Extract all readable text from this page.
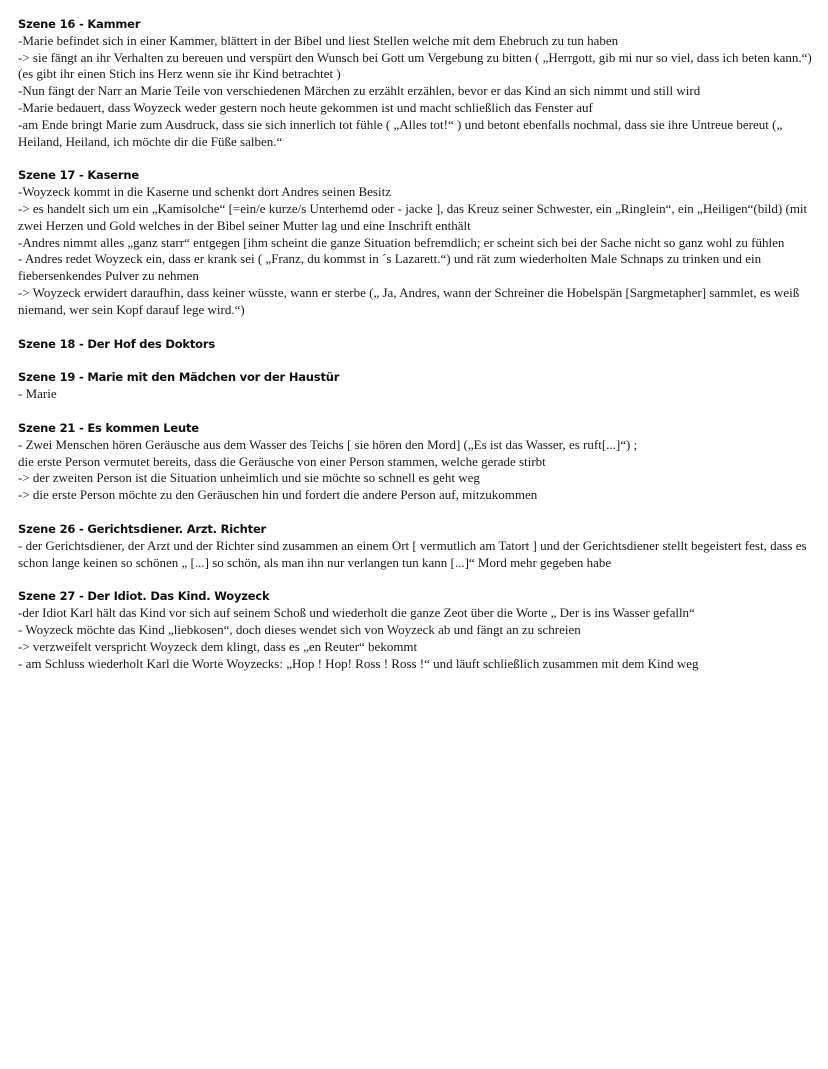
Szene 16 - Kammer
-Marie befindet sich in einer Kammer, blättert in der Bibel und liest Stellen welche mit dem Ehebruch zu tun haben
-> sie fängt an ihr Verhalten zu bereuen und verspürt den Wunsch bei Gott um Vergebung zu bitten ( „Herrgott, gib mi nur so viel, dass ich beten kann.“) (es gibt ihr einen Stich ins Herz wenn sie ihr Kind betrachtet )
-Nun fängt der Narr an Marie Teile von verschiedenen Märchen zu erzählt erzählen, bevor er das Kind an sich nimmt und still wird
-Marie bedauert, dass Woyzeck weder gestern noch heute gekommen ist und macht schließlich das Fenster auf
-am Ende bringt Marie zum Ausdruck, dass sie sich innerlich tot fühle ( „Alles tot!“ ) und betont ebenfalls nochmal, dass sie ihre Untreue bereut („ Heiland, Heiland, ich möchte dir die Füße salben.“
Szene 17 - Kaserne
-Woyzeck kommt in die Kaserne und schenkt dort Andres seinen Besitz
-> es handelt sich um ein „Kamisolche“ [=ein/e kurze/s Unterhemd oder - jacke ], das Kreuz seiner Schwester, ein „Ringlein“, ein „Heiligen“(bild) (mit zwei Herzen und Gold welches in der Bibel seiner Mutter lag und eine Inschrift enthält
-Andres nimmt alles „ganz starr“ entgegen [ihm scheint die ganze Situation befremdlich; er scheint sich bei der Sache nicht so ganz wohl zu fühlen
- Andres redet Woyzeck ein, dass er krank sei ( „Franz, du kommst in ´s Lazarett.“) und rät zum wiederholten Male Schnaps zu trinken und ein fiebersenkendes Pulver zu nehmen
-> Woyzeck erwidert daraufhin, dass keiner wüsste, wann er sterbe („ Ja, Andres, wann der Schreiner die Hobelspän [Sargmetapher] sammlet, es weiß niemand, wer sein Kopf darauf lege wird.“)
Szene 18 - Der Hof des Doktors
Szene 19 - Marie mit den Mädchen vor der Haustür
- Marie
Szene 21 - Es kommen Leute
- Zwei Menschen hören Geräusche aus dem Wasser des Teichs [ sie hören den Mord] („Es ist das Wasser, es ruft[...]“) ;
die erste Person vermutet bereits, dass die Geräusche von einer Person stammen, welche gerade stirbt
-> der zweiten Person ist die Situation unheimlich und sie möchte so schnell es geht weg
-> die erste Person möchte zu den Geräuschen hin und fordert die andere Person auf, mitzukommen
Szene 26 - Gerichtsdiener. Arzt. Richter
- der Gerichtsdiener, der Arzt und der Richter sind zusammen an einem Ort [ vermutlich am Tatort ] und der Gerichtsdiener stellt begeistert fest, dass es schon lange keinen so schönen „ [...] so schön, als man ihn nur verlangen tun kann [...]“ Mord mehr gegeben habe
Szene 27 - Der Idiot. Das Kind. Woyzeck
-der Idiot Karl hält das Kind vor sich auf seinem Schoß und wiederholt die ganze Zeot über die Worte „ Der is ins Wasser gefalln“
- Woyzeck möchte das Kind „liebkosen“, doch dieses wendet sich von Woyzeck ab und fängt an zu schreien
-> verzweifelt verspricht Woyzeck dem klingt, dass es „en Reuter“ bekommt
- am Schluss wiederholt Karl die Worte Woyzecks: „Hop ! Hop! Ross ! Ross !“ und läuft schließlich zusammen mit dem Kind weg
